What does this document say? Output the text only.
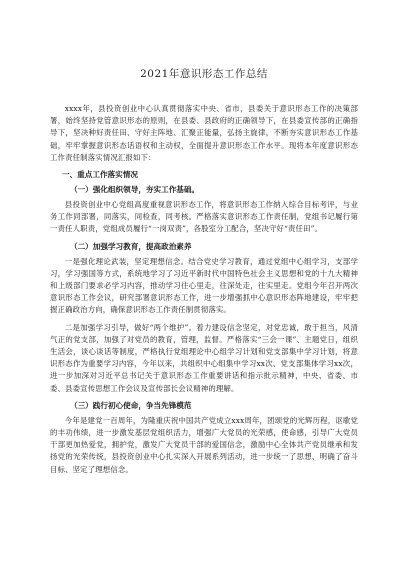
2021年意识形态工作总结

xxxx年，县投资创业中心认真贯彻落实中央、省市，县委关于意识形态工作的决策部署，始终坚持党管意识形态的原则，在县委、县政府的正确领导下，在县委宣传部的正确指导下，坚决种好责任田、守好主阵地、汇聚正能量，弘扬主旋律，不断夯实意识形态工作基础，牢牢掌握意识形态话语权和主动权，全面提升意识形态工作水平。现将本年度意识形态工作责任制落实情况汇报如下：

一、重点工作落实情况
（一）强化组织领导，夯实工作基础。

县投资创业中心党组高度重视意识形态工作，将意识形态工作纳入综合目标考评，与业务工作同部署，同落实，同检查，同考核。严格落实意识形态工作责任制，党组书记履行第一责任人职责，党组成员履行“一岗双责”，各股室分工配合，坚决守好“责任田”。

（二）加强学习教育，提高政治素养

一是强化理论武装，坚定理想信念。结合党史学习教育，通过党组中心组学习，支部学习，学习强国等方式，系统地学习了习近平新时代中国特色社会主义思想和党的十九大精神和上级部门要求必学习内容，推动学习往心里走，往深处走，往实里走。党组今年召开两次意识形态工作会议，研究部署意识形态工作，进一步增强抓中心意识形态阵地建设，牢牢把握正确政治方向，确保意识形态工作责任制贯彻落实。

二是加强学习引导，做好“两个维护”。着力建设信念坚定，对党忠诚，敢于担当，风清气正的党支部，加强了对党员的教育，管理，监督。严格落实“三会一课”、主题党日，组织生活会，谈心谈话等制度，严格执行党组理论中心组学习计划和党支部集中学习计划，将意识形态作为重要学习内容，今年以来，共组织中心组集中学习xx次、党支部集体学习xx次，进一步加深对习近平总书记关于意识形态工作重要讲话和指示批示精神，中央、省委、市委、县委宣传思想工作会议及宣传部长会议精神的理解。

（三）践行初心使命，争当先锋模范

今年是建党一百周年，为隆重庆祝中国共产党成立xxx周年，团颂党的光辉历程，讴歌党的丰功伟绩，进一步激发基层党组织活力，增强广大党员的光荣感，使命感，引导广大党员干部更加热爱党，拥护党，激发广大党员干部的爱国信念，激励中心全体共产党员继承和发扬党的光荣传统，县投资创业中心扎实深入开展系列活动，进一步统一了思想、明确了奋斗目标、坚定了理想信念。
